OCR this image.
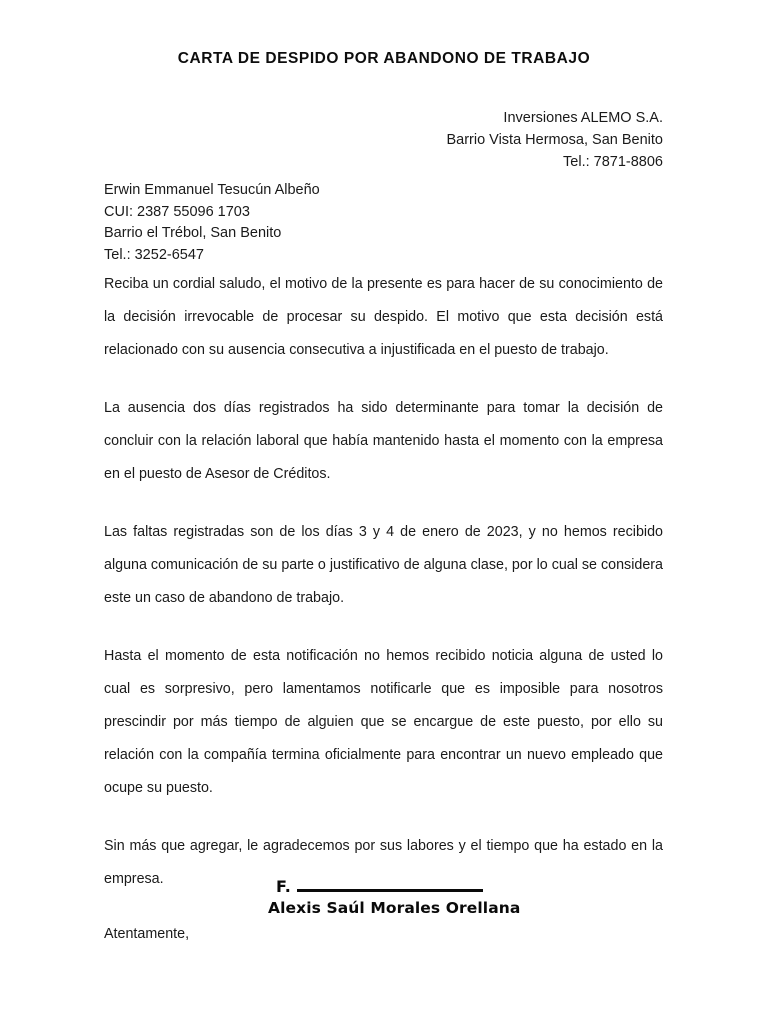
CARTA DE DESPIDO POR ABANDONO DE TRABAJO
Inversiones ALEMO S.A.
Barrio Vista Hermosa, San Benito
Tel.: 7871-8806
Erwin Emmanuel Tesucún Albeño
CUI: 2387 55096 1703
Barrio el Trébol, San Benito
Tel.: 3252-6547

Reciba un cordial saludo, el motivo de la presente es para hacer de su conocimiento de la decisión irrevocable de procesar su despido. El motivo que esta decisión está relacionado con su ausencia consecutiva a injustificada en el puesto de trabajo.

La ausencia dos días registrados ha sido determinante para tomar la decisión de concluir con la relación laboral que había mantenido hasta el momento con la empresa en el puesto de Asesor de Créditos.

Las faltas registradas son de los días 3 y 4 de enero de 2023, y no hemos recibido alguna comunicación de su parte o justificativo de alguna clase, por lo cual se considera este un caso de abandono de trabajo.

Hasta el momento de esta notificación no hemos recibido noticia alguna de usted lo cual es sorpresivo, pero lamentamos notificarle que es imposible para nosotros prescindir por más tiempo de alguien que se encargue de este puesto, por ello su relación con la compañía termina oficialmente para encontrar un nuevo empleado que ocupe su puesto.

Sin más que agregar, le agradecemos por sus labores y el tiempo que ha estado en la empresa.

Atentamente,

F.
Alexis Saúl Morales Orellana
